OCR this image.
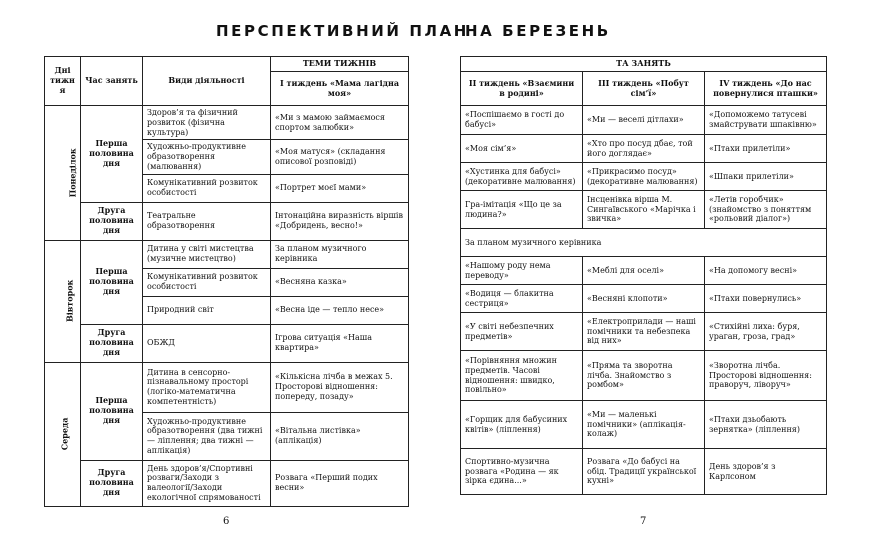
ПЕРСПЕКТИВНИЙ ПЛАН
НА БЕРЕЗЕНЬ
Дні тижня	Час занять	Види діяльності	ТЕМИ ТИЖНІВ
			І тиждень «Мама лагідна моя»
Понеділок	Перша половина дня	Здоров’я та фізичний розвиток (фізична культура)	«Ми з мамою займаємося спортом залюбки»
		Художньо-продуктивне образотворення (малювання)	«Моя матуся» (складання описової розповіді)
		Комунікативний розвиток особистості	«Портрет моєї мами»
	Друга половина дня	Театральне образотворення	Інтонаційна виразність віршів «Добридень, весно!»
Вівторок	Перша половина дня	Дитина у світі мистецтва (музичне мистецтво)	За планом музичного керівника
		Комунікативний розвиток особистості	«Весняна казка»
		Природний світ	«Весна іде — тепло несе»
	Друга половина дня	ОБЖД	Ігрова ситуація «Наша квартира»
Середа	Перша половина дня	Дитина в сенсорно-пізнавальному просторі (логіко-математична компетентність)	«Кількісна лічба в межах 5. Просторові відношення: попереду, позаду»
		Художньо-продуктивне образотворення (два тижні — ліплення; два тижні — аплікація)	«Вітальна листівка» (аплікація)
	Друга половина дня	День здоров’я/Спортивні розваги/Заходи з валеології/Заходи екологічної спрямованості	Розвага «Перший подих весни»
ТА ЗАНЯТЬ		
ІІ тиждень «Взаємини в родині»	ІІІ тиждень «Побут сім’ї»	IV тиждень «До нас повернулися пташки»
«Поспішаємо в гості до бабусі»	«Ми — веселі дітлахи»	«Допоможемо татусеві змайструвати шпаківню»
«Моя сім’я»	«Хто про посуд дбає, той його доглядає»	«Птахи прилетіли»
«Хустинка для бабусі» (декоративне малювання)	«Прикрасимо посуд» (декоративне малювання)	«Шпаки прилетіли»
Гра-імітація «Що це за людина?»	Інсценівка вірша М. Сингаївського «Марічка і звичка»	«Летів горобчик» (знайомство з поняттям «рольовий діалог»)
За планом музичного керівника		
«Нашому роду нема переводу»	«Меблі для оселі»	«На допомогу весні»
«Водиця — блакитна сестриця»	«Весняні клопоти»	«Птахи повернулись»
«У світі небезпечних предметів»	«Електроприлади — наші помічники та небезпека від них»	«Стихійні лиха: буря, ураган, гроза, град»
«Порівняння множин предметів. Часові відношення: швидко, повільно»	«Пряма та зворотна лічба. Знайомство з ромбом»	«Зворотна лічба. Просторові відношення: праворуч, ліворуч»
«Горщик для бабусиних квітів» (ліплення)	«Ми — маленькі помічники» (аплікація-колаж)	«Птахи дзьобають зернятка» (ліплення)
Спортивно-музична розвага «Родина — як зірка єдина...»	Розвага «До бабусі на обід. Традиції української кухні»	День здоров’я з Карлсоном
6	7
